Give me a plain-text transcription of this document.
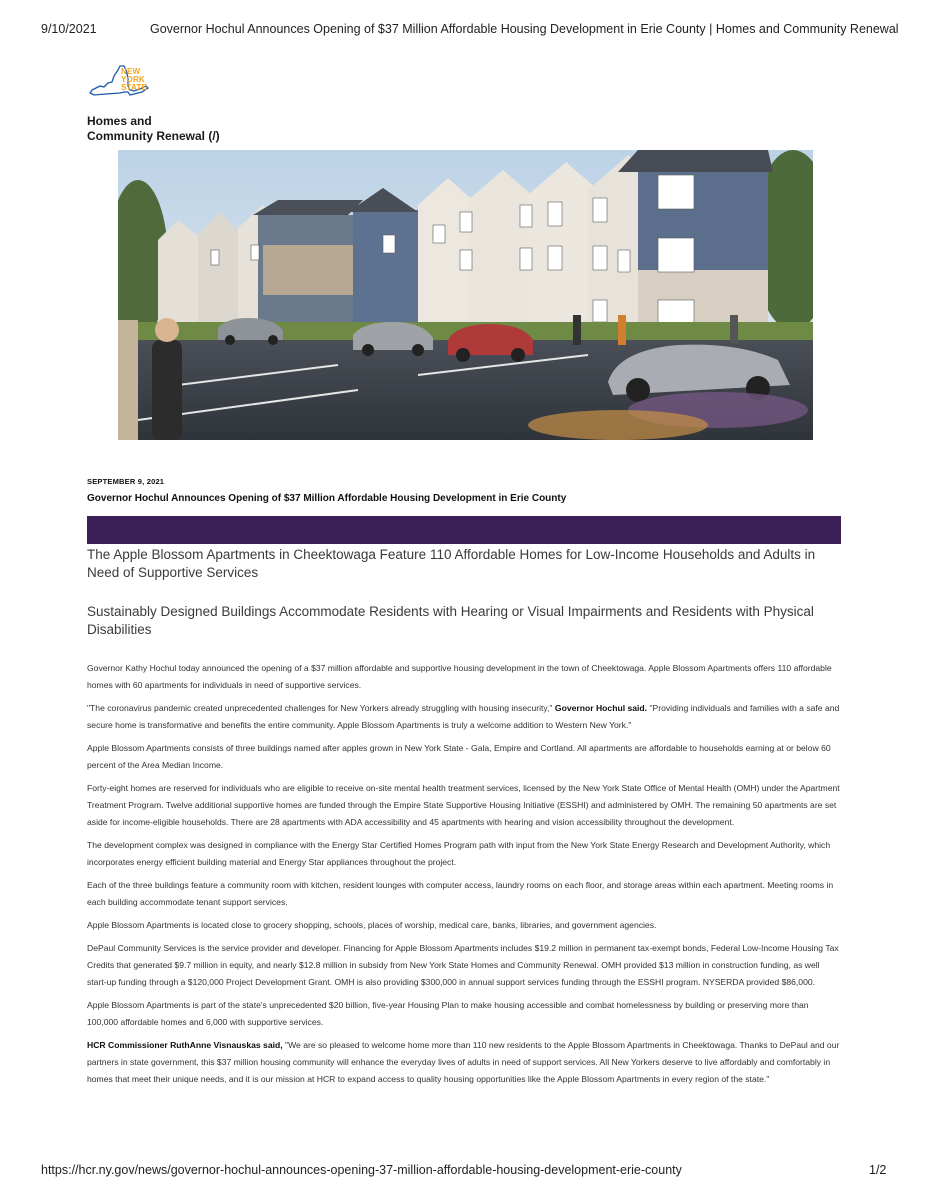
9/10/2021	Governor Hochul Announces Opening of $37 Million Affordable Housing Development in Erie County | Homes and Community Renewal
NEW
YORK
STATE
Homes and
Community Renewal (/)
SEPTEMBER 9, 2021
Governor Hochul Announces Opening of $37 Million Affordable Housing Development in Erie County
The Apple Blossom Apartments in Cheektowaga Feature 110 Affordable Homes for Low-Income Households and Adults in Need of Supportive Services
Sustainably Designed Buildings Accommodate Residents with Hearing or Visual Impairments and Residents with Physical Disabilities

Governor Kathy Hochul today announced the opening of a $37 million affordable and supportive housing development in the town of Cheektowaga. Apple Blossom Apartments offers 110 affordable homes with 60 apartments for individuals in need of supportive services.

"The coronavirus pandemic created unprecedented challenges for New Yorkers already struggling with housing insecurity," Governor Hochul said. "Providing individuals and families with a safe and secure home is transformative and benefits the entire community. Apple Blossom Apartments is truly a welcome addition to Western New York."

Apple Blossom Apartments consists of three buildings named after apples grown in New York State - Gala, Empire and Cortland. All apartments are affordable to households earning at or below 60 percent of the Area Median Income.

Forty-eight homes are reserved for individuals who are eligible to receive on-site mental health treatment services, licensed by the New York State Office of Mental Health (OMH) under the Apartment Treatment Program. Twelve additional supportive homes are funded through the Empire State Supportive Housing Initiative (ESSHI) and administered by OMH. The remaining 50 apartments are set aside for income-eligible households. There are 28 apartments with ADA accessibility and 45 apartments with hearing and vision accessibility throughout the development.

The development complex was designed in compliance with the Energy Star Certified Homes Program path with input from the New York State Energy Research and Development Authority, which incorporates energy efficient building material and Energy Star appliances throughout the project.

Each of the three buildings feature a community room with kitchen, resident lounges with computer access, laundry rooms on each floor, and storage areas within each apartment. Meeting rooms in each building accommodate tenant support services.

Apple Blossom Apartments is located close to grocery shopping, schools, places of worship, medical care, banks, libraries, and government agencies.

DePaul Community Services is the service provider and developer. Financing for Apple Blossom Apartments includes $19.2 million in permanent tax-exempt bonds, Federal Low-Income Housing Tax Credits that generated $9.7 million in equity, and nearly $12.8 million in subsidy from New York State Homes and Community Renewal. OMH provided $13 million in construction funding, as well start-up funding through a $120,000 Project Development Grant. OMH is also providing $300,000 in annual support services funding through the ESSHI program. NYSERDA provided $86,000.

Apple Blossom Apartments is part of the state's unprecedented $20 billion, five-year Housing Plan to make housing accessible and combat homelessness by building or preserving more than 100,000 affordable homes and 6,000 with supportive services.

HCR Commissioner RuthAnne Visnauskas said, "We are so pleased to welcome home more than 110 new residents to the Apple Blossom Apartments in Cheektowaga. Thanks to DePaul and our partners in state government, this $37 million housing community will enhance the everyday lives of adults in need of support services. All New Yorkers deserve to live affordably and comfortably in homes that meet their unique needs, and it is our mission at HCR to expand access to quality housing opportunities like the Apple Blossom Apartments in every region of the state."

https://hcr.ny.gov/news/governor-hochul-announces-opening-37-million-affordable-housing-development-erie-county	1/2
